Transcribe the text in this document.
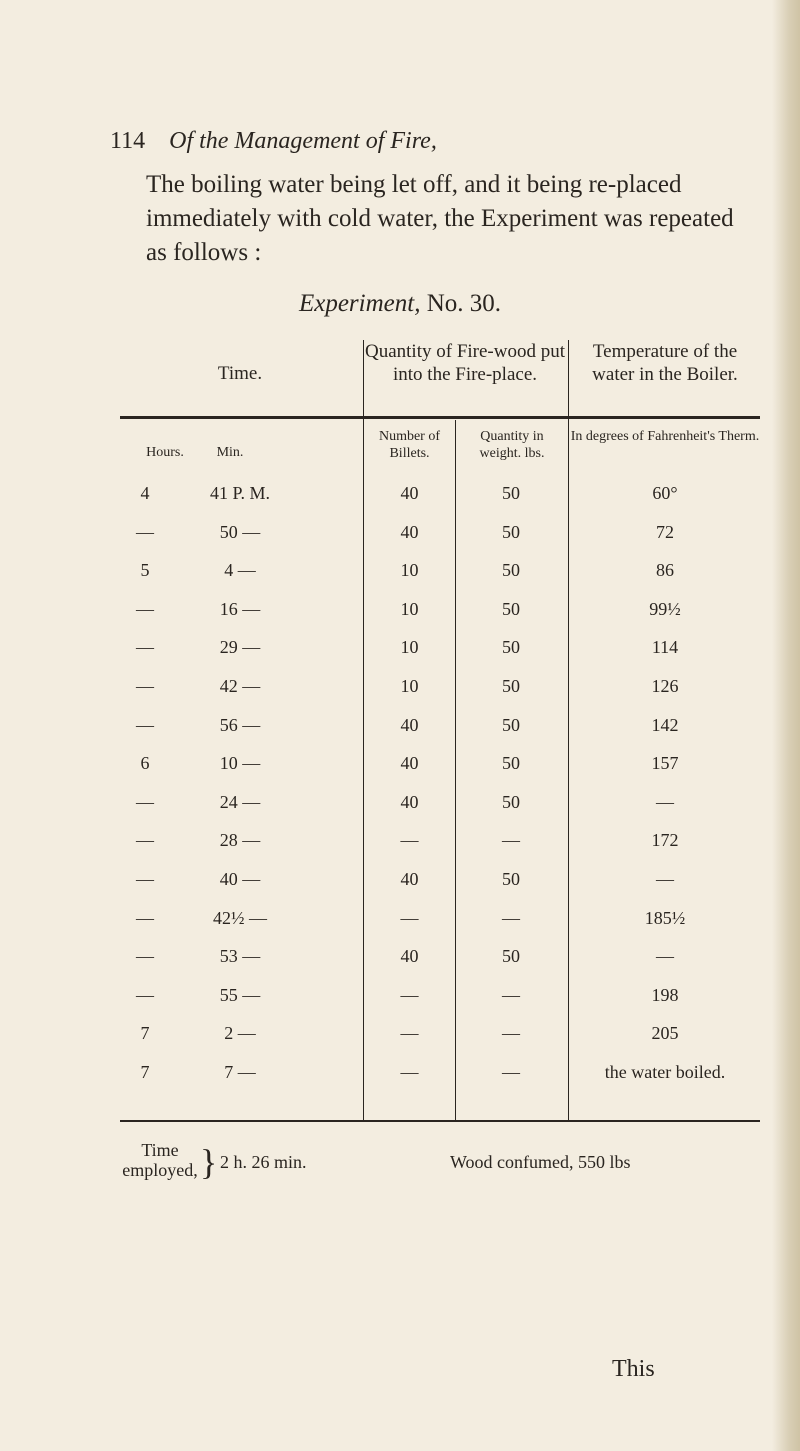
114 Of the Management of Fire,
The boiling water being let off, and it being re-placed immediately with cold water, the Experiment was repeated as follows :
Experiment, No. 30.
Time.
Quantity of Fire-wood put into the Fire-place.
Temperature of the water in the Boiler.
Hours.	Min.
Number of Billets.
Quantity in weight. lbs.
In degrees of Fahrenheit's Therm.
4	41 P. M.	40	50	60°
—	50 —	40	50	72
5	4 —	10	50	86
—	16 —	10	50	99½
—	29 —	10	50	114
—	42 —	10	50	126
—	56 —	40	50	142
6	10 —	40	50	157
—	24 —	40	50	—
—	28 —	—	—	172
—	40 —	40	50	—
—	42½ —	—	—	185½
—	53 —	40	50	—
—	55 —	—	—	198
7	2 —	—	—	205
7	7 —	—	—	the water boiled.
Time employed, } 2 h. 26 min.	Wood confumed, 550 lbs
This
